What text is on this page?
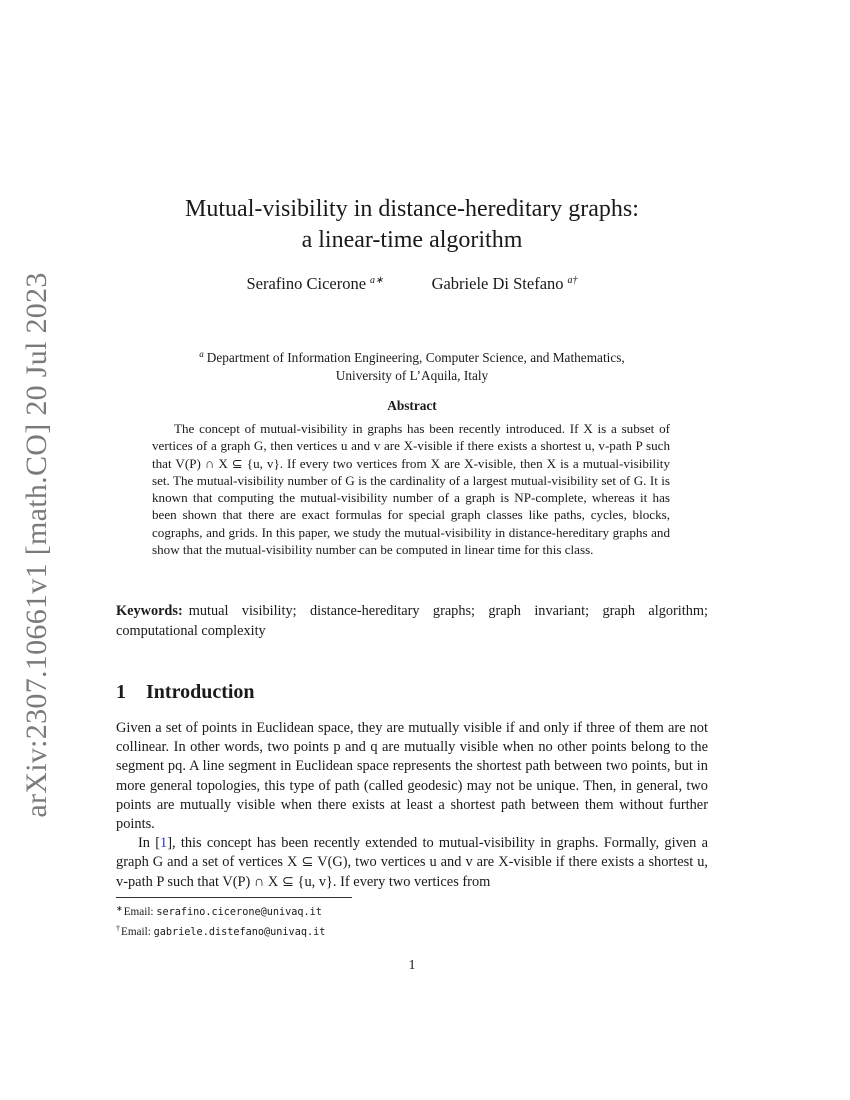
arXiv:2307.10661v1 [math.CO] 20 Jul 2023
Mutual-visibility in distance-hereditary graphs:
a linear-time algorithm
Serafino Cicerone $^{a∗}$	Gabriele Di Stefano $^{a\dagger}$
$^a$ Department of Information Engineering, Computer Science, and Mathematics,
University of L’Aquila, Italy
Abstract
The concept of mutual-visibility in graphs has been recently introduced. If X is a subset of vertices of a graph G, then vertices u and v are X-visible if there exists a shortest u, v-path P such that V(P) ∩ X ⊆ {u, v}. If every two vertices from X are X-visible, then X is a mutual-visibility set. The mutual-visibility number of G is the cardinality of a largest mutual-visibility set of G. It is known that computing the mutual-visibility number of a graph is NP-complete, whereas it has been shown that there are exact formulas for special graph classes like paths, cycles, blocks, cographs, and grids. In this paper, we study the mutual-visibility in distance-hereditary graphs and show that the mutual-visibility number can be computed in linear time for this class.
Keywords: mutual visibility; distance-hereditary graphs; graph invariant; graph algorithm; computational complexity
1 Introduction

Given a set of points in Euclidean space, they are mutually visible if and only if three of them are not collinear. In other words, two points p and q are mutually visible when no other points belong to the segment pq. A line segment in Euclidean space represents the shortest path between two points, but in more general topologies, this type of path (called geodesic) may not be unique. Then, in general, two points are mutually visible when there exists at least a shortest path between them without further points.

In [1], this concept has been recently extended to mutual-visibility in graphs. Formally, given a graph G and a set of vertices X ⊆ V(G), two vertices u and v are X-visible if there exists a shortest u, v-path P such that V(P) ∩ X ⊆ {u, v}. If every two vertices from

∗Email: serafino.cicerone@univaq.it
†Email: gabriele.distefano@univaq.it
1
